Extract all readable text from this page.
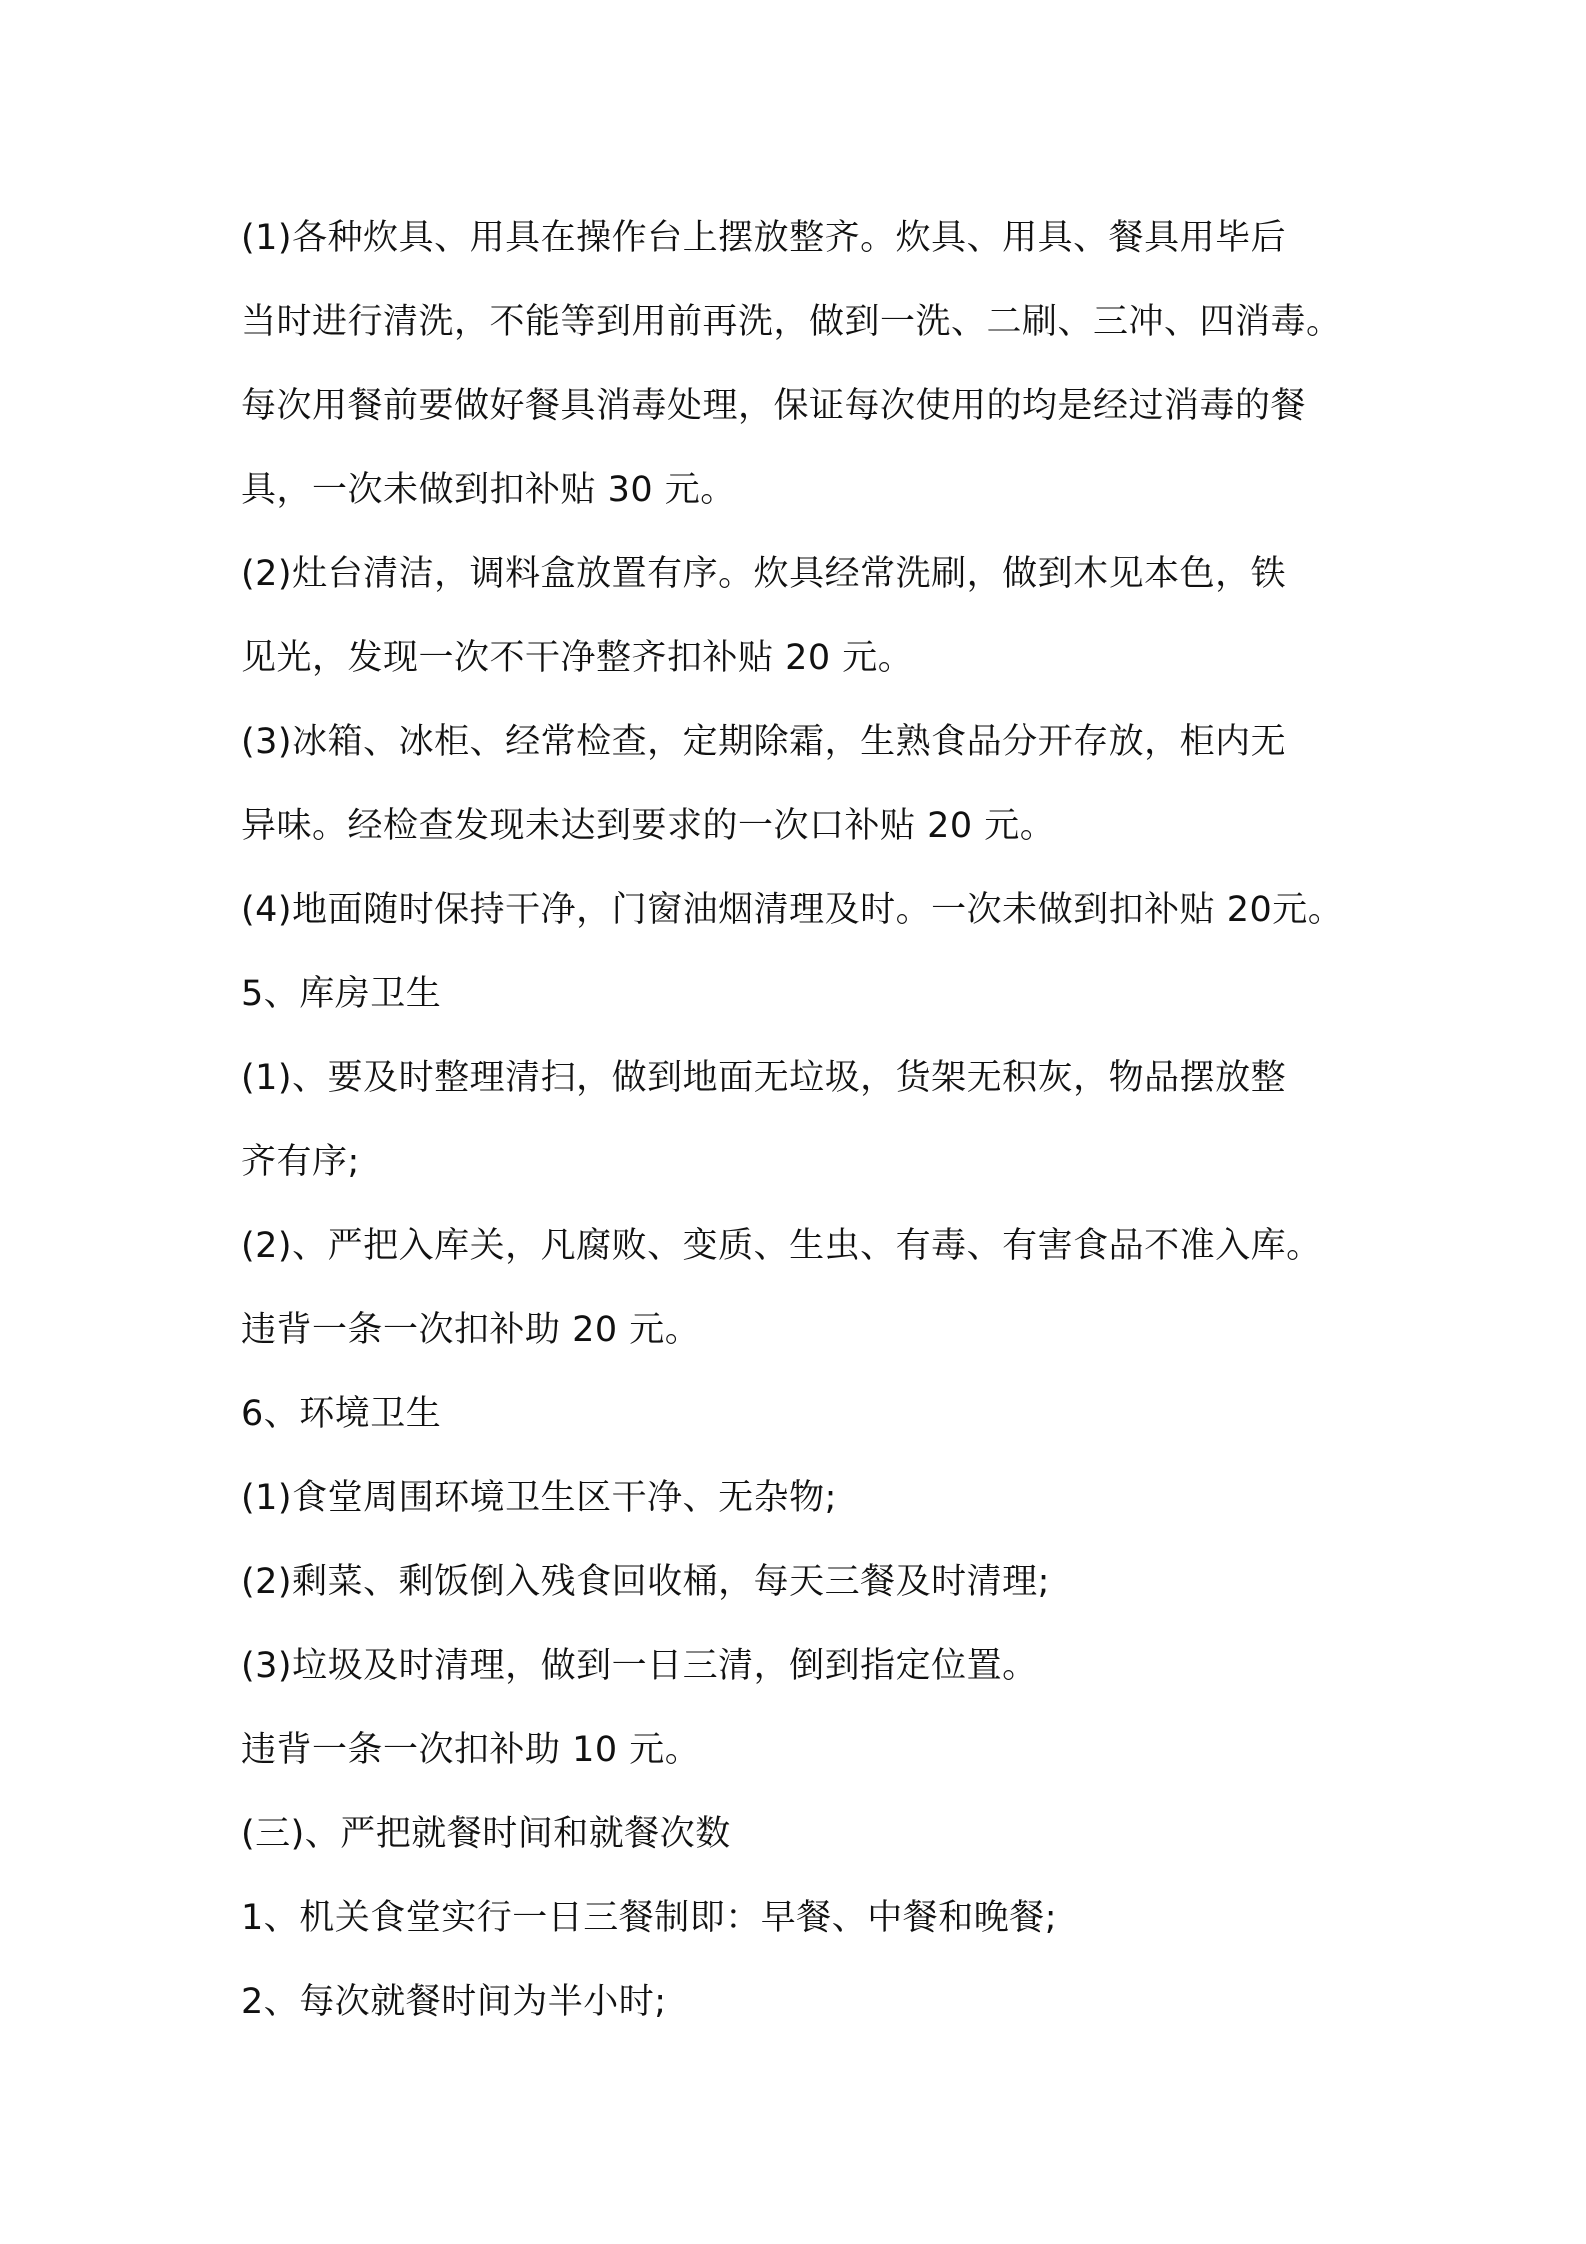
(1)各种炊具、用具在操作台上摆放整齐。炊具、用具、餐具用毕后
当时进行清洗，不能等到用前再洗，做到一洗、二刷、三冲、四消毒。
每次用餐前要做好餐具消毒处理，保证每次使用的均是经过消毒的餐
具，一次未做到扣补贴 30 元。
(2)灶台清洁，调料盒放置有序。炊具经常洗刷，做到木见本色，铁
见光，发现一次不干净整齐扣补贴 20 元。
(3)冰箱、冰柜、经常检查，定期除霜，生熟食品分开存放，柜内无
异味。经检查发现未达到要求的一次口补贴 20 元。
(4)地面随时保持干净，门窗油烟清理及时。一次未做到扣补贴 20元。
5、库房卫生
(1)、要及时整理清扫，做到地面无垃圾，货架无积灰，物品摆放整
齐有序;
(2)、严把入库关，凡腐败、变质、生虫、有毒、有害食品不准入库。
违背一条一次扣补助 20 元。
6、环境卫生
(1)食堂周围环境卫生区干净、无杂物;
(2)剩菜、剩饭倒入残食回收桶，每天三餐及时清理;
(3)垃圾及时清理，做到一日三清，倒到指定位置。
违背一条一次扣补助 10 元。
(三)、严把就餐时间和就餐次数
1、机关食堂实行一日三餐制即：早餐、中餐和晚餐;
2、每次就餐时间为半小时;
